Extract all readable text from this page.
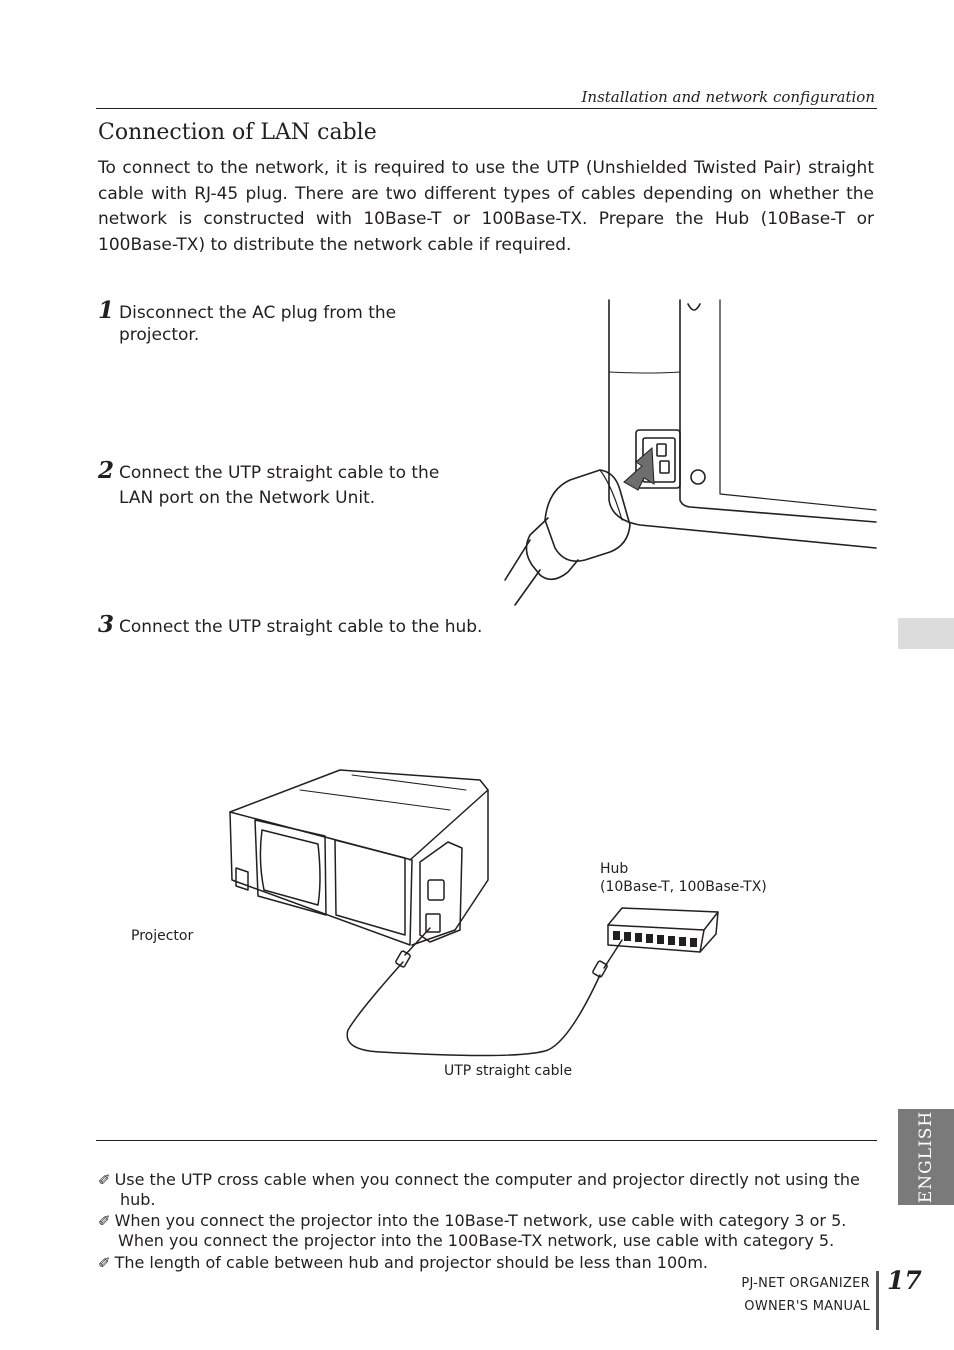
Installation and network configuration
Connection of LAN cable
To connect to the network, it is required to use the UTP (Unshielded Twisted Pair) straight cable with RJ-45 plug. There are two different types of cables depending on whether the network is constructed with 10Base-T or 100Base-TX. Prepare the Hub (10Base-T or 100Base-TX) to distribute the network cable if required.
1 Disconnect the AC plug from the
projector.
2 Connect the UTP straight cable to the
LAN port on the Network Unit.
3 Connect the UTP straight cable to the hub.
Hub
(10Base-T, 100Base-TX)
Projector
UTP straight cable
ENGLISH
✐ Use the UTP cross cable when you connect the computer and projector directly not using the
hub.
✐ When you connect the projector into the 10Base-T network, use cable with category 3 or 5.
When you connect the projector into the 100Base-TX network, use cable with category 5.
✐ The length of cable between hub and projector should be less than 100m.
PJ-NET ORGANIZER
OWNER'S MANUAL
17
